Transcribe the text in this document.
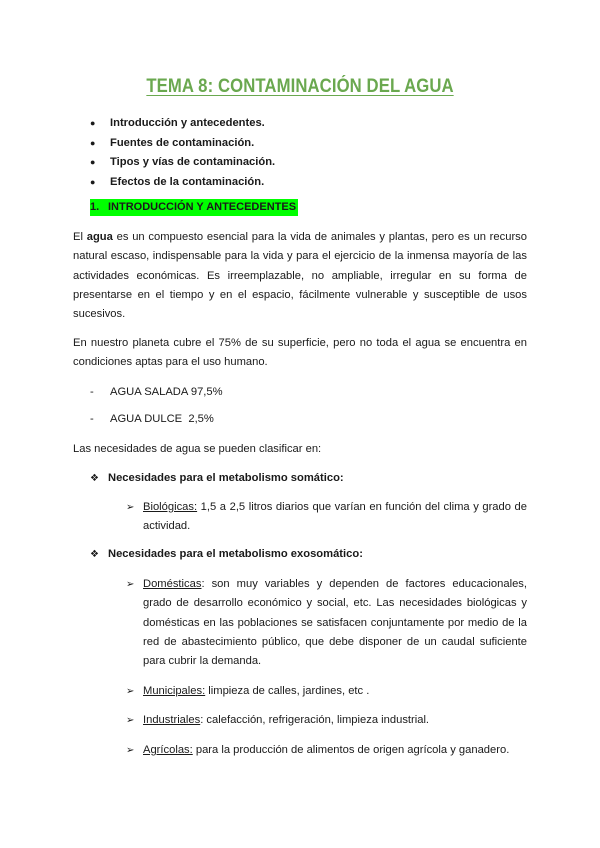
TEMA 8: CONTAMINACIÓN DEL AGUA
● Introducción y antecedentes.
● Fuentes de contaminación.
● Tipos y vías de contaminación.
● Efectos de la contaminación.
1. INTRODUCCIÓN Y ANTECEDENTES

El agua es un compuesto esencial para la vida de animales y plantas, pero es un recurso natural escaso, indispensable para la vida y para el ejercicio de la inmensa mayoría de las actividades económicas. Es irreemplazable, no ampliable, irregular en su forma de presentarse en el tiempo y en el espacio, fácilmente vulnerable y susceptible de usos sucesivos.

En nuestro planeta cubre el 75% de su superficie, pero no toda el agua se encuentra en condiciones aptas para el uso humano.

- AGUA SALADA 97,5%
- AGUA DULCE 2,5%

Las necesidades de agua se pueden clasificar en:

❖ Necesidades para el metabolismo somático:

➢ Biológicas: 1,5 a 2,5 litros diarios que varían en función del clima y grado de actividad.

❖ Necesidades para el metabolismo exosomático:

➢ Domésticas: son muy variables y dependen de factores educacionales, grado de desarrollo económico y social, etc. Las necesidades biológicas y domésticas en las poblaciones se satisfacen conjuntamente por medio de la red de abastecimiento público, que debe disponer de un caudal suficiente para cubrir la demanda.

➢ Municipales: limpieza de calles, jardines, etc .

➢ Industriales: calefacción, refrigeración, limpieza industrial.

➢ Agrícolas: para la producción de alimentos de origen agrícola y ganadero.
